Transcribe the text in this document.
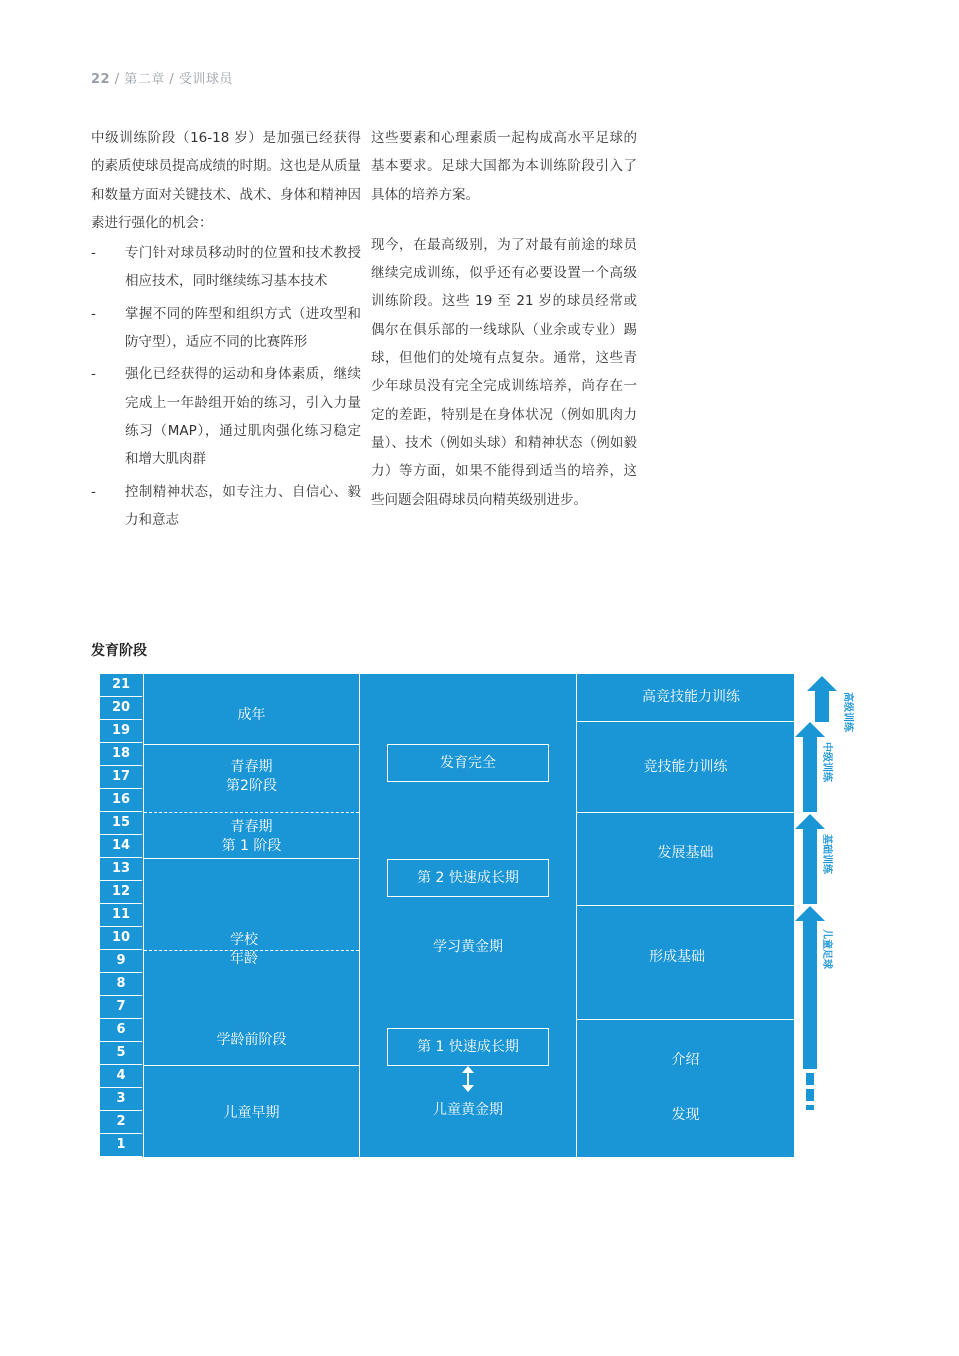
22 / 第二章 / 受训球员

中级训练阶段（16-18 岁）是加强已经获得的素质使球员提高成绩的时期。这也是从质量和数量方面对关键技术、战术、身体和精神因素进行强化的机会：

- 专门针对球员移动时的位置和技术教授相应技术，同时继续练习基本技术
- 掌握不同的阵型和组织方式（进攻型和防守型），适应不同的比赛阵形
- 强化已经获得的运动和身体素质，继续完成上一年龄组开始的练习，引入力量练习（MAP），通过肌肉强化练习稳定和增大肌肉群
- 控制精神状态，如专注力、自信心、毅力和意志

这些要素和心理素质一起构成高水平足球的基本要求。足球大国都为本训练阶段引入了具体的培养方案。

现今，在最高级别，为了对最有前途的球员继续完成训练，似乎还有必要设置一个高级训练阶段。这些 19 至 21 岁的球员经常或偶尔在俱乐部的一线球队（业余或专业）踢球，但他们的处境有点复杂。通常，这些青少年球员没有完全完成训练培养，尚存在一定的差距，特别是在身体状况（例如肌肉力量）、技术（例如头球）和精神状态（例如毅力）等方面，如果不能得到适当的培养，这些问题会阻碍球员向精英级别进步。

发育阶段
21
20
19
18
17
16
15
14
13
12
11
10
9
8
7
6
5
4
3
2
1
成年
青春期
第2阶段
青春期
第 1 阶段
学校
年龄
学龄前阶段
儿童早期
发育完全
第 2 快速成长期
学习黄金期
第 1 快速成长期
儿童黄金期
高竞技能力训练
竞技能力训练
发展基础
形成基础
介绍
发现
高级训练
中级训练
基础训练
儿童足球
